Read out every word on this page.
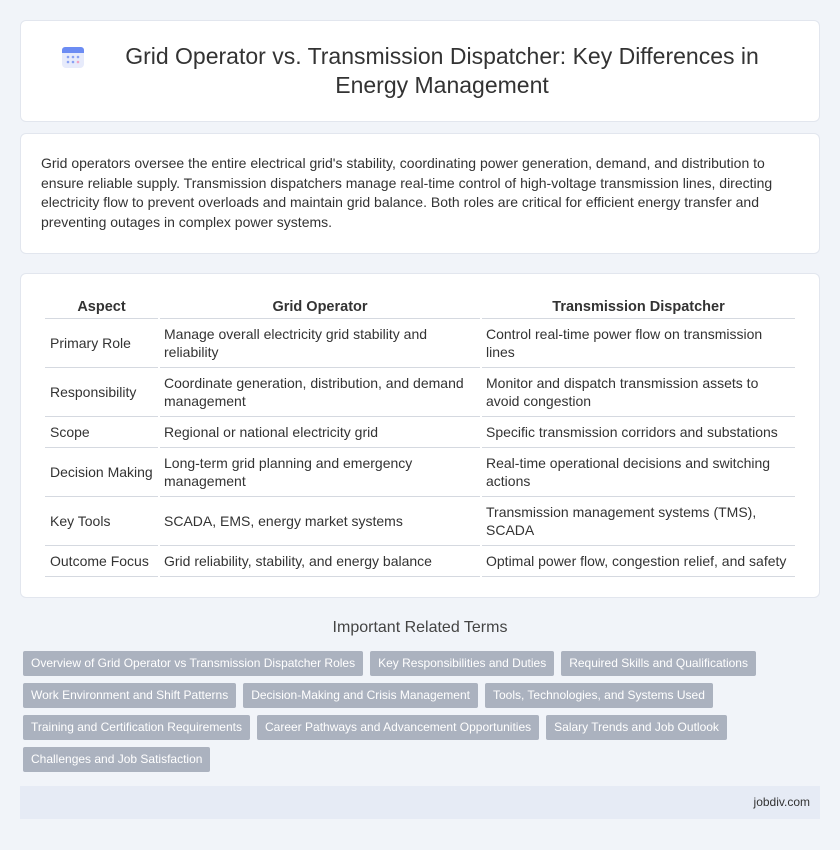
Grid Operator vs. Transmission Dispatcher: Key Differences in Energy Management

Grid operators oversee the entire electrical grid's stability, coordinating power generation, demand, and distribution to ensure reliable supply. Transmission dispatchers manage real-time control of high-voltage transmission lines, directing electricity flow to prevent overloads and maintain grid balance. Both roles are critical for efficient energy transfer and preventing outages in complex power systems.

Aspect	Grid Operator	Transmission Dispatcher
Primary Role	Manage overall electricity grid stability and reliability	Control real-time power flow on transmission lines
Responsibility	Coordinate generation, distribution, and demand management	Monitor and dispatch transmission assets to avoid congestion
Scope	Regional or national electricity grid	Specific transmission corridors and substations
Decision Making	Long-term grid planning and emergency management	Real-time operational decisions and switching actions
Key Tools	SCADA, EMS, energy market systems	Transmission management systems (TMS), SCADA
Outcome Focus	Grid reliability, stability, and energy balance	Optimal power flow, congestion relief, and safety
Important Related Terms
Overview of Grid Operator vs Transmission Dispatcher Roles	Key Responsibilities and Duties	Required Skills and Qualifications
Work Environment and Shift Patterns	Decision-Making and Crisis Management	Tools, Technologies, and Systems Used
Training and Certification Requirements	Career Pathways and Advancement Opportunities	Salary Trends and Job Outlook
Challenges and Job Satisfaction
jobdiv.com
